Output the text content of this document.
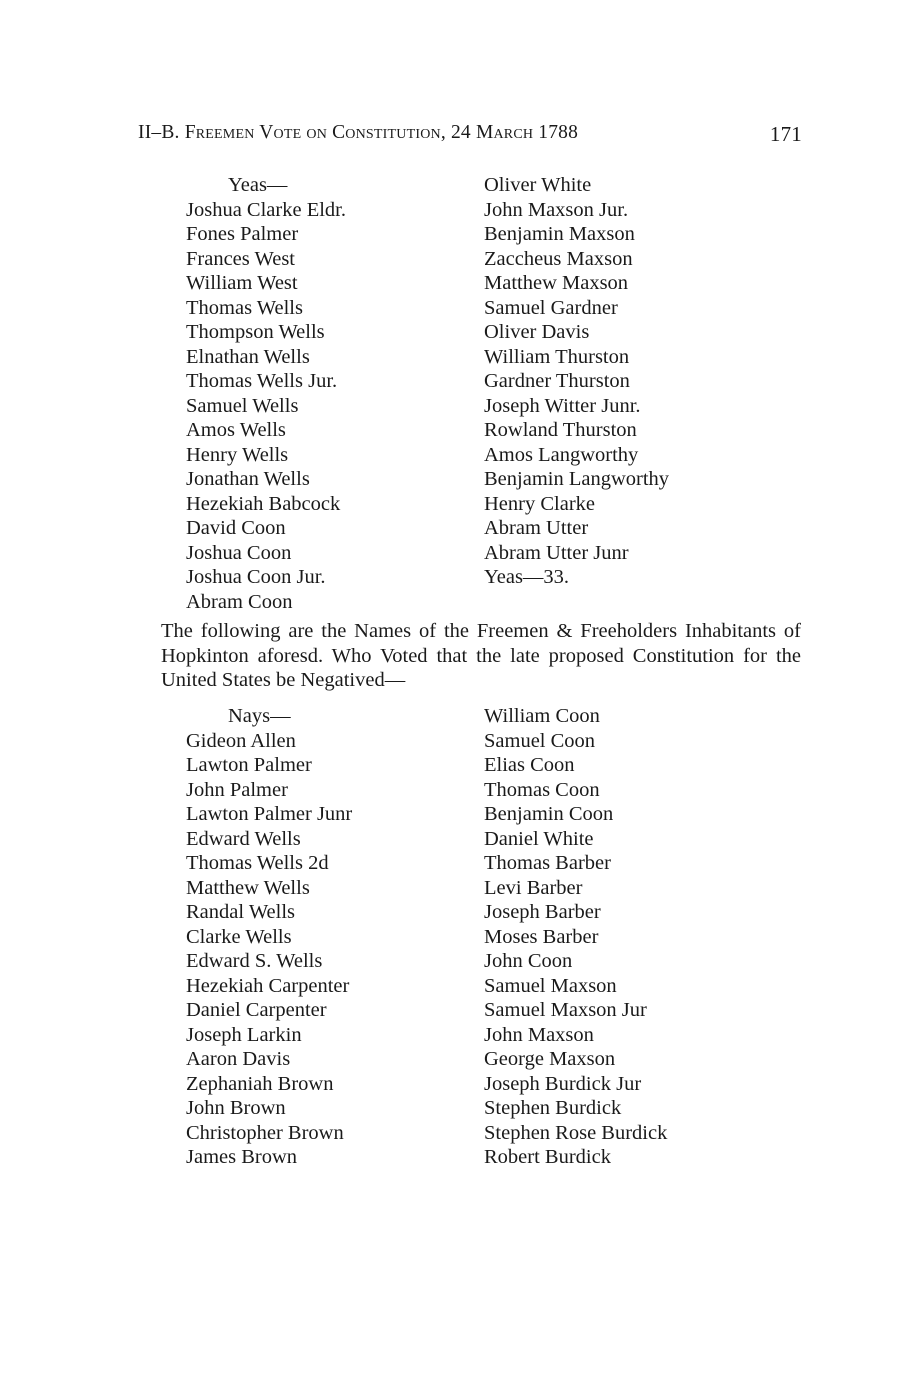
II–B. Freemen Vote on Constitution, 24 March 1788	171
Yeas—
Joshua Clarke Eldr.
Fones Palmer
Frances West
William West
Thomas Wells
Thompson Wells
Elnathan Wells
Thomas Wells Jur.
Samuel Wells
Amos Wells
Henry Wells
Jonathan Wells
Hezekiah Babcock
David Coon
Joshua Coon
Joshua Coon Jur.
Abram Coon
Oliver White
John Maxson Jur.
Benjamin Maxson
Zaccheus Maxson
Matthew Maxson
Samuel Gardner
Oliver Davis
William Thurston
Gardner Thurston
Joseph Witter Junr.
Rowland Thurston
Amos Langworthy
Benjamin Langworthy
Henry Clarke
Abram Utter
Abram Utter Junr
Yeas—33.
The following are the Names of the Freemen & Freeholders Inhabitants of Hopkinton aforesd. Who Voted that the late proposed Constitution for the United States be Negatived—
Nays—
Gideon Allen
Lawton Palmer
John Palmer
Lawton Palmer Junr
Edward Wells
Thomas Wells 2d
Matthew Wells
Randal Wells
Clarke Wells
Edward S. Wells
Hezekiah Carpenter
Daniel Carpenter
Joseph Larkin
Aaron Davis
Zephaniah Brown
John Brown
Christopher Brown
James Brown
William Coon
Samuel Coon
Elias Coon
Thomas Coon
Benjamin Coon
Daniel White
Thomas Barber
Levi Barber
Joseph Barber
Moses Barber
John Coon
Samuel Maxson
Samuel Maxson Jur
John Maxson
George Maxson
Joseph Burdick Jur
Stephen Burdick
Stephen Rose Burdick
Robert Burdick
